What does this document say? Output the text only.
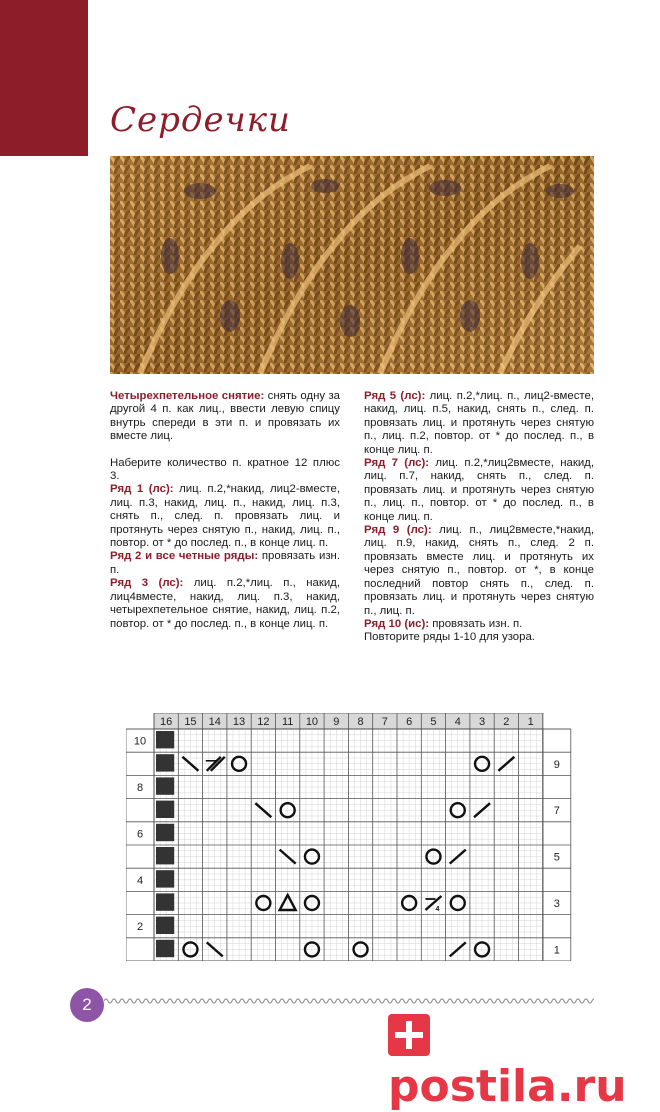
Сердечки

Четырехпетельное снятие: снять одну за другой 4 п. как лиц., ввести левую спицу внутрь спереди в эти п. и провязать их вместе лиц.

Наберите количество п. кратное 12 плюс 3.

Ряд 1 (лс): лиц. п.2,*накид, лиц2-вместе, лиц. п.3, накид, лиц. п., накид, лиц. п.3, снять п., след. п. провязать лиц. и протянуть через снятую п., накид, лиц. п., повтор. от * до послед. п., в конце лиц. п.

Ряд 2 и все четные ряды: провязать изн. п.

Ряд 3 (лс): лиц. п.2,*лиц. п., накид, лиц4вместе, накид, лиц. п.3, накид, четырехпетельное снятие, накид, лиц. п.2, повтор. от * до послед. п., в конце лиц. п.

Ряд 5 (лс): лиц. п.2,*лиц. п., лиц2-вместе, накид, лиц. п.5, накид, снять п., след. п. провязать лиц. и протянуть через снятую п., лиц. п.2, повтор. от * до послед. п., в конце лиц. п.

Ряд 7 (лс): лиц. п.2,*лиц2вместе, накид, лиц. п.7, накид, снять п., след. п. провязать лиц. и протянуть через снятую п., лиц. п., повтор. от * до послед. п., в конце лиц. п.

Ряд 9 (лс): лиц. п., лиц2вместе,*накид, лиц. п.9, накид, снять п., след. 2 п. провязать вместе лиц. и протянуть их через снятую п., повтор. от *, в конце последний повтор снять п., след. п. провязать лиц. и протянуть через снятую п., лиц. п.

Ряд 10 (ис): провязать изн. п.

Повторите ряды 1-10 для узора.

16 15 14 13 12 11 10 9 8 7 6 5 4 3 2 1
10
8
6
4
2
9
7
5
3
1
4
2
postila.ru
